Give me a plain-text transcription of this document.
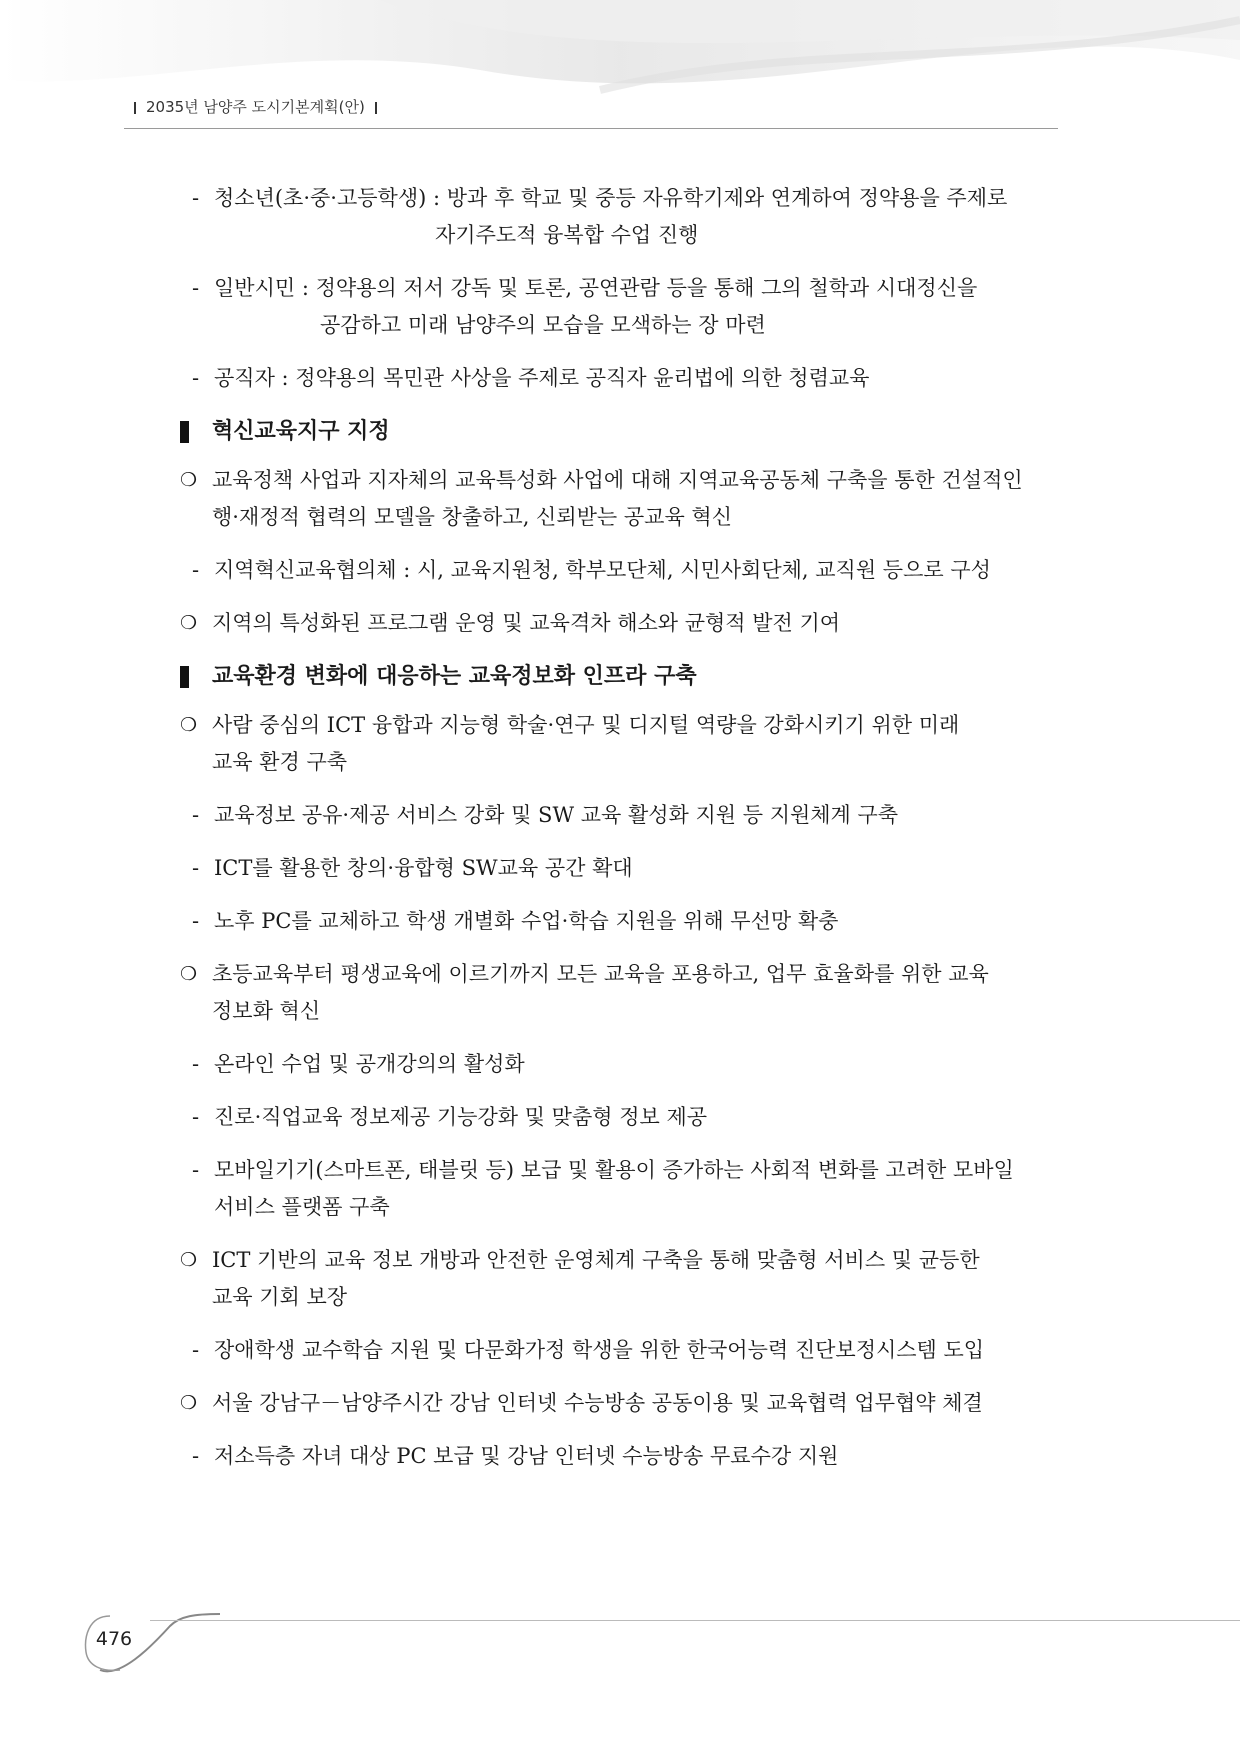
2035년 남양주 도시기본계획(안)
- 청소년(초·중·고등학생) : 방과 후 학교 및 중등 자유학기제와 연계하여 정약용을 주제로
자기주도적 융복합 수업 진행
- 일반시민 : 정약용의 저서 강독 및 토론, 공연관람 등을 통해 그의 철학과 시대정신을
공감하고 미래 남양주의 모습을 모색하는 장 마련
- 공직자 : 정약용의 목민관 사상을 주제로 공직자 윤리법에 의한 청렴교육
혁신교육지구 지정
❍ 교육정책 사업과 지자체의 교육특성화 사업에 대해 지역교육공동체 구축을 통한 건설적인
행·재정적 협력의 모델을 창출하고, 신뢰받는 공교육 혁신
- 지역혁신교육협의체 : 시, 교육지원청, 학부모단체, 시민사회단체, 교직원 등으로 구성
❍ 지역의 특성화된 프로그램 운영 및 교육격차 해소와 균형적 발전 기여
교육환경 변화에 대응하는 교육정보화 인프라 구축
❍ 사람 중심의 ICT 융합과 지능형 학술·연구 및 디지털 역량을 강화시키기 위한 미래
교육 환경 구축
- 교육정보 공유·제공 서비스 강화 및 SW 교육 활성화 지원 등 지원체계 구축
- ICT를 활용한 창의·융합형 SW교육 공간 확대
- 노후 PC를 교체하고 학생 개별화 수업·학습 지원을 위해 무선망 확충
❍ 초등교육부터 평생교육에 이르기까지 모든 교육을 포용하고, 업무 효율화를 위한 교육
정보화 혁신
- 온라인 수업 및 공개강의의 활성화
- 진로·직업교육 정보제공 기능강화 및 맞춤형 정보 제공
- 모바일기기(스마트폰, 태블릿 등) 보급 및 활용이 증가하는 사회적 변화를 고려한 모바일
서비스 플랫폼 구축
❍ ICT 기반의 교육 정보 개방과 안전한 운영체계 구축을 통해 맞춤형 서비스 및 균등한
교육 기회 보장
- 장애학생 교수학습 지원 및 다문화가정 학생을 위한 한국어능력 진단보정시스템 도입
❍ 서울 강남구－남양주시간 강남 인터넷 수능방송 공동이용 및 교육협력 업무협약 체결
- 저소득층 자녀 대상 PC 보급 및 강남 인터넷 수능방송 무료수강 지원
476
